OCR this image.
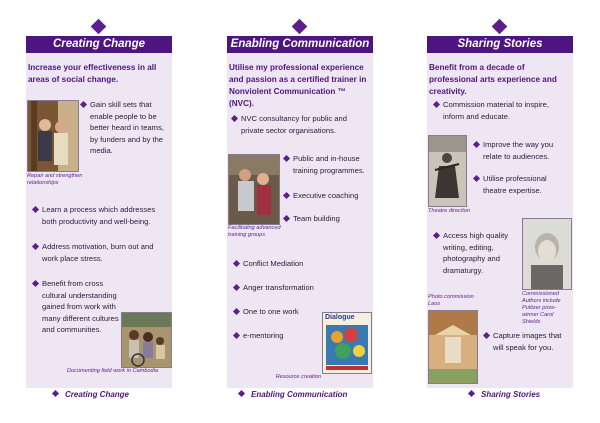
Creating Change
Increase your effectiveness in all areas of social change.
Repair and strengthen relationships
Gain skill sets that enable people to be better heard in teams, by funders and by the media.
Learn a process which addresses both productivity and well-being.
Address motivation, burn out and work place stress.
Benefit from cross cultural understanding gained from work with many different cultures and communities.
Documenting field work in Cambodia
Creating Change
Enabling Communication
Utilise my professional experience and passion as a certified trainer in Nonviolent Communication ™ (NVC).
NVC consultancy for public and private sector organisations.
Facilitating advanced training groups
Public and in-house training programmes.
Executive coaching
Team building
Conflict Mediation
Anger transformation
One to one work
e-mentoring
Dialogue
Resource creation
Enabling Communication
Sharing Stories
Benefit from a decade of professional arts experience and creativity.
Commission material to inspire, inform and educate.
Theatre direction
Improve the way you relate to audiences.
Utilise professional theatre expertise.
Access high quality writing, editing, photography and dramaturgy.
Commissioned Authors include Pulitzer prize-winner Carol Shields
Photo commission Laos
Capture images that will speak for you.
Sharing Stories
